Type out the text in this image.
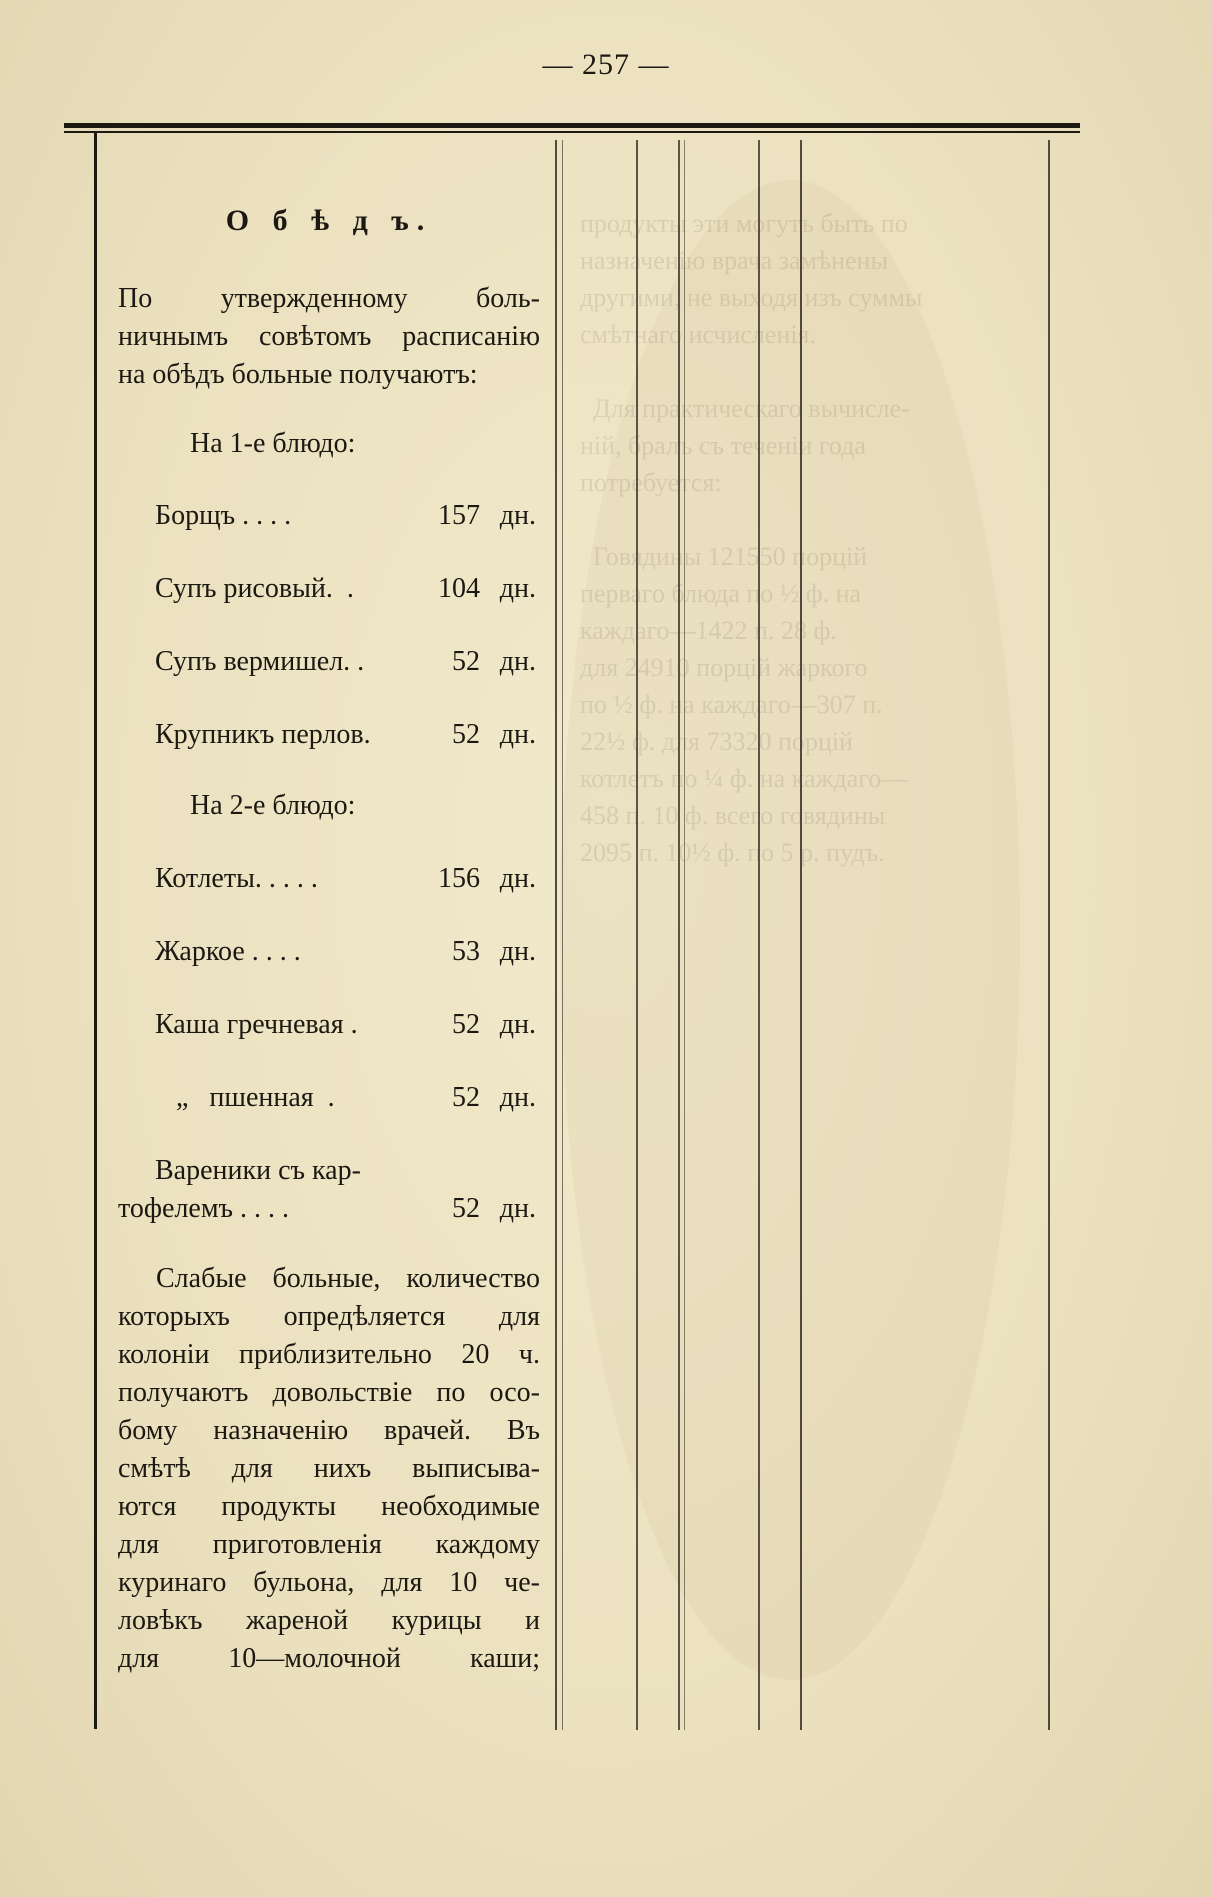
— 257 —
продукты эти могутъ быть по
назначенію врача замѣнены
другими, не выходя изъ суммы
смѣтнаго исчисленія.

Для практическаго вычисле-
ній, бралъ съ теченіи года
потребуется:

Говядины 121550 порцій
перваго блюда по ½ ф. на
каждаго—1422 п. 28 ф.
для 24910 порцій жаркого
по ½ ф. на каждаго—307 п.
22½ ф. для 73320 порцій
котлетъ по ¼ ф. на каждаго—
458 п. 10 ф. всего говядины
2095 п. 10½ ф. по 5 р. пудъ.
О б ѣ д ъ.
По утвержденному боль-
ничнымъ совѣтомъ расписанію
на обѣдъ больные получаютъ:
На 1-е блюдо:
Борщъ . . . .	157 дн.
Супъ рисовый.  .	104 дн.
Супъ вермишел. .	52 дн.
Крупникъ перлов.	52 дн.
На 2-е блюдо:
Котлеты. . . . .	156 дн.
Жаркое . . . .	53 дн.
Каша гречневая .	52 дн.
„   пшенная  .	52 дн.
Вареники съ кар-
тофелемъ . . . .	52 дн.
Слабые больные, количество
которыхъ опредѣляется для
колоніи приблизительно 20 ч.
получаютъ довольствіе по осо-
бому назначенію врачей. Въ
смѣтѣ для нихъ выписыва-
ются продукты необходимые
для приготовленія каждому
куринаго бульона, для 10 че-
ловѣкъ жареной курицы и
для 10—молочной каши;
